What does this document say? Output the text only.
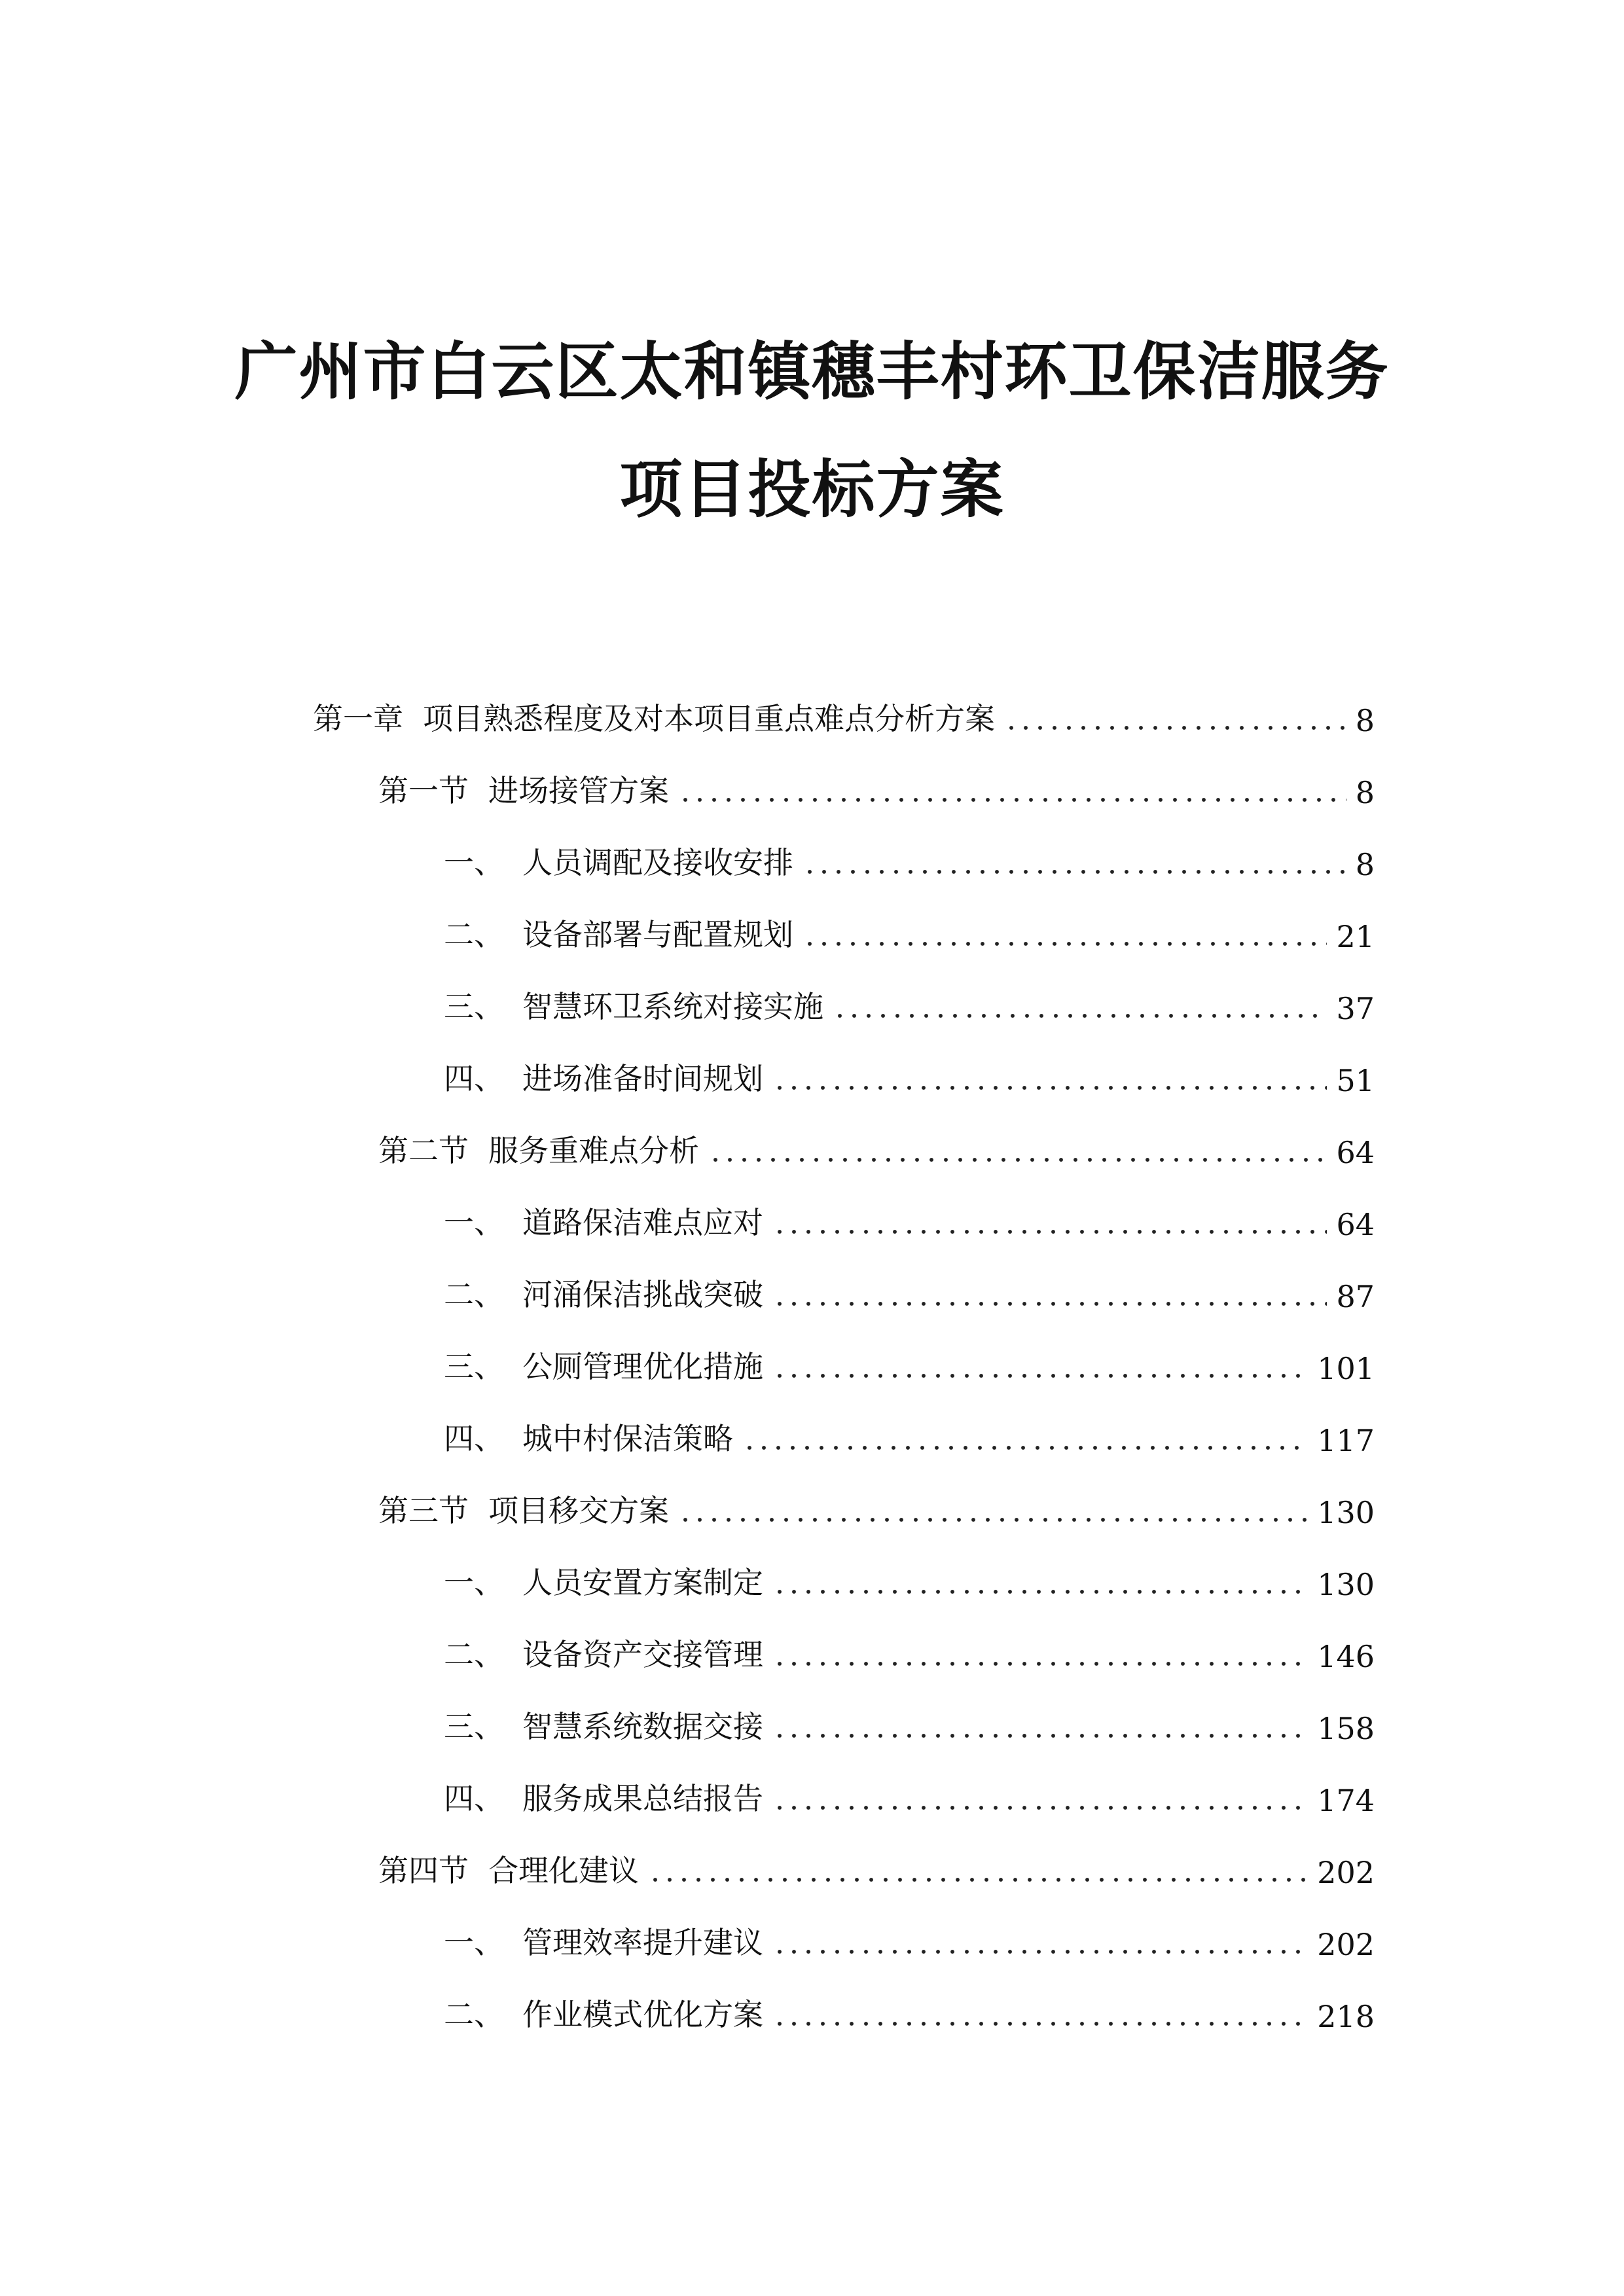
广州市白云区太和镇穗丰村环卫保洁服务
项目投标方案
第一章 项目熟悉程度及对本项目重点难点分析方案	8
第一节 进场接管方案	8
一、 人员调配及接收安排	8
二、 设备部署与配置规划	21
三、 智慧环卫系统对接实施	37
四、 进场准备时间规划	51
第二节 服务重难点分析	64
一、 道路保洁难点应对	64
二、 河涌保洁挑战突破	87
三、 公厕管理优化措施	101
四、 城中村保洁策略	117
第三节 项目移交方案	130
一、 人员安置方案制定	130
二、 设备资产交接管理	146
三、 智慧系统数据交接	158
四、 服务成果总结报告	174
第四节 合理化建议	202
一、 管理效率提升建议	202
二、 作业模式优化方案	218
